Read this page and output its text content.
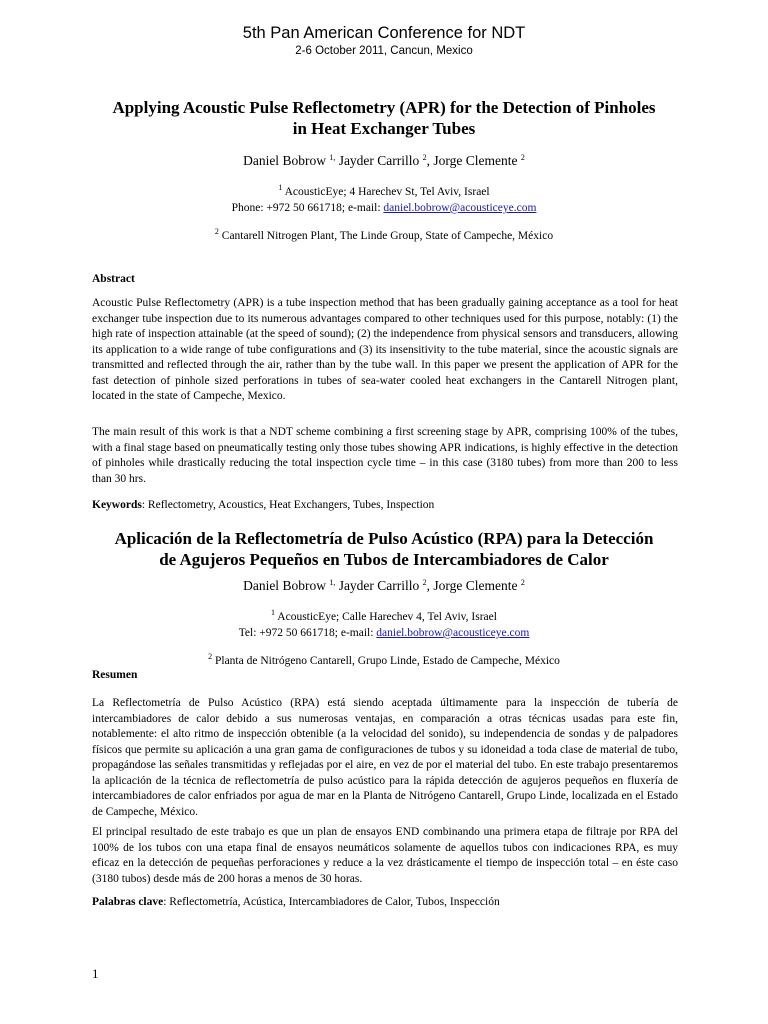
5th Pan American Conference for NDT
2-6 October 2011, Cancun, Mexico
Applying Acoustic Pulse Reflectometry (APR) for the Detection of Pinholes
in Heat Exchanger Tubes
Daniel Bobrow $^{1,}$ Jayder Carrillo $^2$, Jorge Clemente $^2$
$^1$ AcousticEye; 4 Harechev St, Tel Aviv, Israel
Phone: +972 50 661718; e-mail: daniel.bobrow@acousticeye.com
$^2$ Cantarell Nitrogen Plant, The Linde Group, State of Campeche, México
Abstract

Acoustic Pulse Reflectometry (APR) is a tube inspection method that has been gradually gaining acceptance as a tool for heat exchanger tube inspection due to its numerous advantages compared to other techniques used for this purpose, notably: (1) the high rate of inspection attainable (at the speed of sound); (2) the independence from physical sensors and transducers, allowing its application to a wide range of tube configurations and (3) its insensitivity to the tube material, since the acoustic signals are transmitted and reflected through the air, rather than by the tube wall. In this paper we present the application of APR for the fast detection of pinhole sized perforations in tubes of sea-water cooled heat exchangers in the Cantarell Nitrogen plant, located in the state of Campeche, Mexico.

The main result of this work is that a NDT scheme combining a first screening stage by APR, comprising 100% of the tubes, with a final stage based on pneumatically testing only those tubes showing APR indications, is highly effective in the detection of pinholes while drastically reducing the total inspection cycle time – in this case (3180 tubes) from more than 200 to less than 30 hrs.

Keywords: Reflectometry, Acoustics, Heat Exchangers, Tubes, Inspection
Aplicación de la Reflectometría de Pulso Acústico (RPA) para la Detección
de Agujeros Pequeños en Tubos de Intercambiadores de Calor
Daniel Bobrow $^{1,}$ Jayder Carrillo $^2$, Jorge Clemente $^2$
$^1$ AcousticEye; Calle Harechev 4, Tel Aviv, Israel
Tel: +972 50 661718; e-mail: daniel.bobrow@acousticeye.com
$^2$ Planta de Nitrógeno Cantarell, Grupo Linde, Estado de Campeche, México
Resumen

La Reflectometría de Pulso Acústico (RPA) está siendo aceptada últimamente para la inspección de tubería de intercambiadores de calor debido a sus numerosas ventajas, en comparación a otras técnicas usadas para este fin, notablemente: el alto ritmo de inspección obtenible (a la velocidad del sonido), su independencia de sondas y de palpadores físicos que permite su aplicación a una gran gama de configuraciones de tubos y su idoneidad a toda clase de material de tubo, propagándose las señales transmitidas y reflejadas por el aire, en vez de por el material del tubo. En este trabajo presentaremos la aplicación de la técnica de reflectometría de pulso acústico para la rápida detección de agujeros pequeños en fluxería de intercambiadores de calor enfriados por agua de mar en la Planta de Nitrógeno Cantarell, Grupo Linde, localizada en el Estado de Campeche, México.

El principal resultado de este trabajo es que un plan de ensayos END combinando una primera etapa de filtraje por RPA del 100% de los tubos con una etapa final de ensayos neumáticos solamente de aquellos tubos con indicaciones RPA, es muy eficaz en la detección de pequeñas perforaciones y reduce a la vez drásticamente el tiempo de inspección total – en éste caso (3180 tubos) desde más de 200 horas a menos de 30 horas.

Palabras clave: Reflectometría, Acústica, Intercambiadores de Calor, Tubos, Inspección
1
